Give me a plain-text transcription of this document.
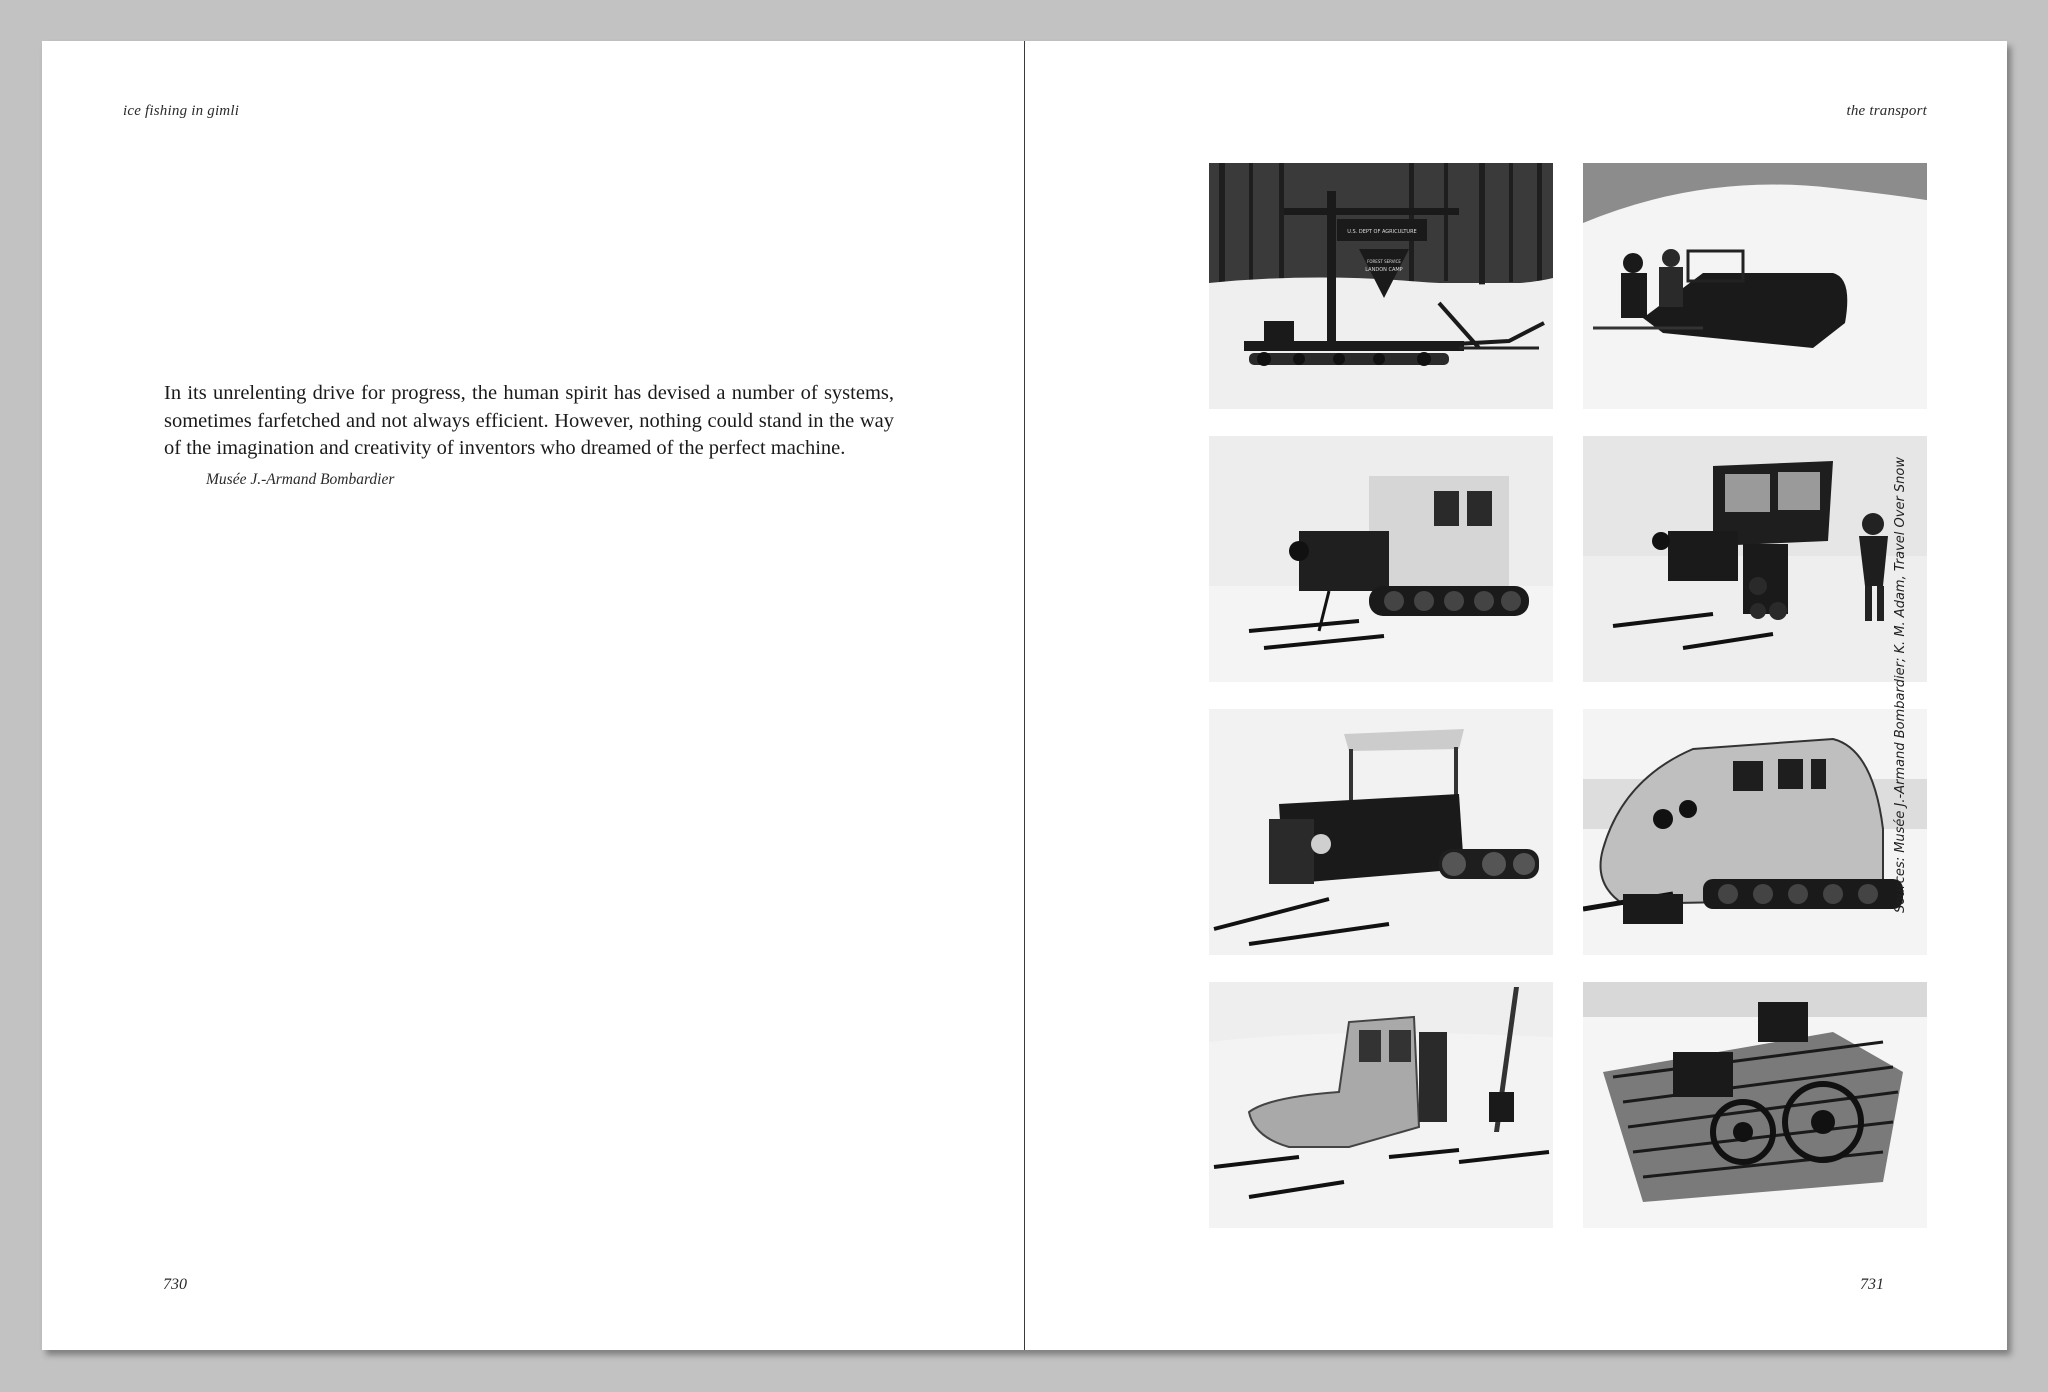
ice fishing in gimli

In its unrelenting drive for progress, the human spirit has devised a number of systems, sometimes farfetched and not always efficient. However, nothing could stand in the way of the imagination and creativity of inventors who dreamed of the perfect machine.

Musée J.-Armand Bombardier
730
the transport
U.S. DEPT OF AGRICULTURE
FOREST SERVICE
LANDON CAMP
Sources: Musée J.-Armand Bombardier; K. M. Adam, Travel Over Snow
731
